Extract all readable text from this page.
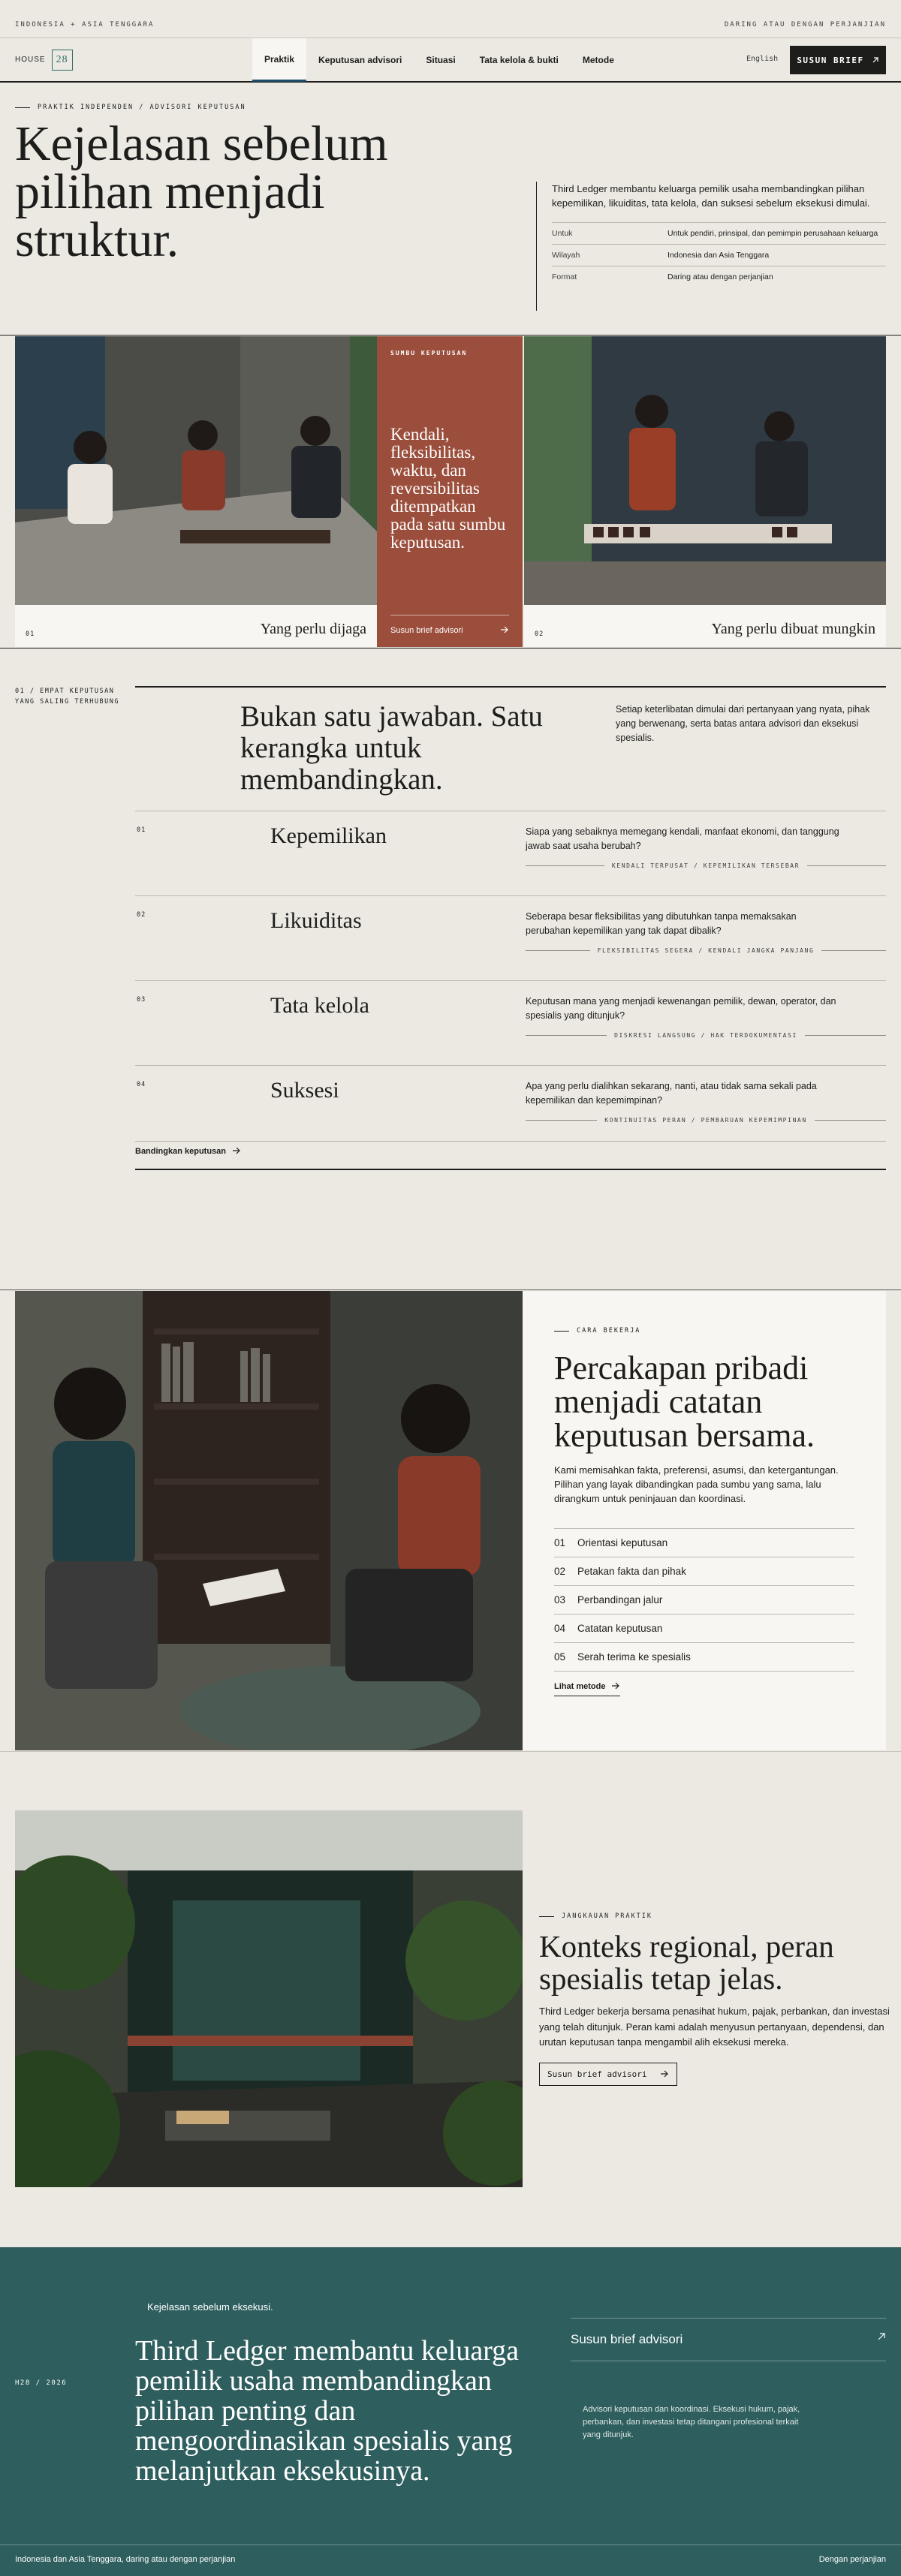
INDONESIA + ASIA TENGGARA	DARING ATAU DENGAN PERJANJIAN
HOUSE	28	Praktik	Keputusan advisori	Situasi	Tata kelola & bukti	Metode	English SUSUN BRIEF
PRAKTIK INDEPENDEN / ADVISORI KEPUTUSAN
Kejelasan sebelum pilihan menjadi struktur.

Third Ledger membantu keluarga pemilik usaha membandingkan pilihan kepemilikan, likuiditas, tata kelola, dan suksesi sebelum eksekusi dimulai.

Untuk	Untuk pendiri, prinsipal, dan pemimpin perusahaan keluarga
Wilayah	Indonesia dan Asia Tenggara
Format	Daring atau dengan perjanjian
01	Yang perlu dijaga
SUMBU KEPUTUSAN
Kendali, fleksibilitas, waktu, dan reversibilitas ditempatkan pada satu sumbu keputusan.
Susun brief advisori	02	Yang perlu dibuat mungkin
01 / EMPAT KEPUTUSAN
YANG SALING TERHUBUNG	Bukan satu jawaban. Satu kerangka untuk membandingkan.

Setiap keterlibatan dimulai dari pertanyaan yang nyata, pihak yang berwenang, serta batas antara advisori dan eksekusi spesialis.

01	Kepemilikan	Siapa yang sebaiknya memegang kendali, manfaat ekonomi, dan tanggung jawab saat usaha berubah?
KENDALI TERPUSAT / KEPEMILIKAN TERSEBAR
02	Likuiditas	Seberapa besar fleksibilitas yang dibutuhkan tanpa memaksakan perubahan kepemilikan yang tak dapat dibalik?
FLEKSIBILITAS SEGERA / KENDALI JANGKA PANJANG
03	Tata kelola	Keputusan mana yang menjadi kewenangan pemilik, dewan, operator, dan spesialis yang ditunjuk?
DISKRESI LANGSUNG / HAK TERDOKUMENTASI
04	Suksesi	Apa yang perlu dialihkan sekarang, nanti, atau tidak sama sekali pada kepemilikan dan kepemimpinan?
KONTINUITAS PERAN / PEMBARUAN KEPEMIMPINAN
Bandingkan keputusan
CARA BEKERJA
Percakapan pribadi menjadi catatan keputusan bersama.

Kami memisahkan fakta, preferensi, asumsi, dan ketergantungan. Pilihan yang layak dibandingkan pada sumbu yang sama, lalu dirangkum untuk peninjauan dan koordinasi.

01 Orientasi keputusan
02 Petakan fakta dan pihak
03 Perbandingan jalur
04 Catatan keputusan
05 Serah terima ke spesialis
Lihat metode
JANGKAUAN PRAKTIK
Konteks regional, peran spesialis tetap jelas.

Third Ledger bekerja bersama penasihat hukum, pajak, perbankan, dan investasi yang telah ditunjuk. Peran kami adalah menyusun pertanyaan, dependensi, dan urutan keputusan tanpa mengambil alih eksekusi mereka.

Susun brief advisori
Kejelasan sebelum eksekusi.
H28 / 2026
Third Ledger membantu keluarga pemilik usaha membandingkan pilihan penting dan mengoordinasikan spesialis yang melanjutkan eksekusinya.
Susun brief advisori

Advisori keputusan dan koordinasi. Eksekusi hukum, pajak, perbankan, dan investasi tetap ditangani profesional terkait yang ditunjuk.

Indonesia dan Asia Tenggara, daring atau dengan perjanjian	Dengan perjanjian
